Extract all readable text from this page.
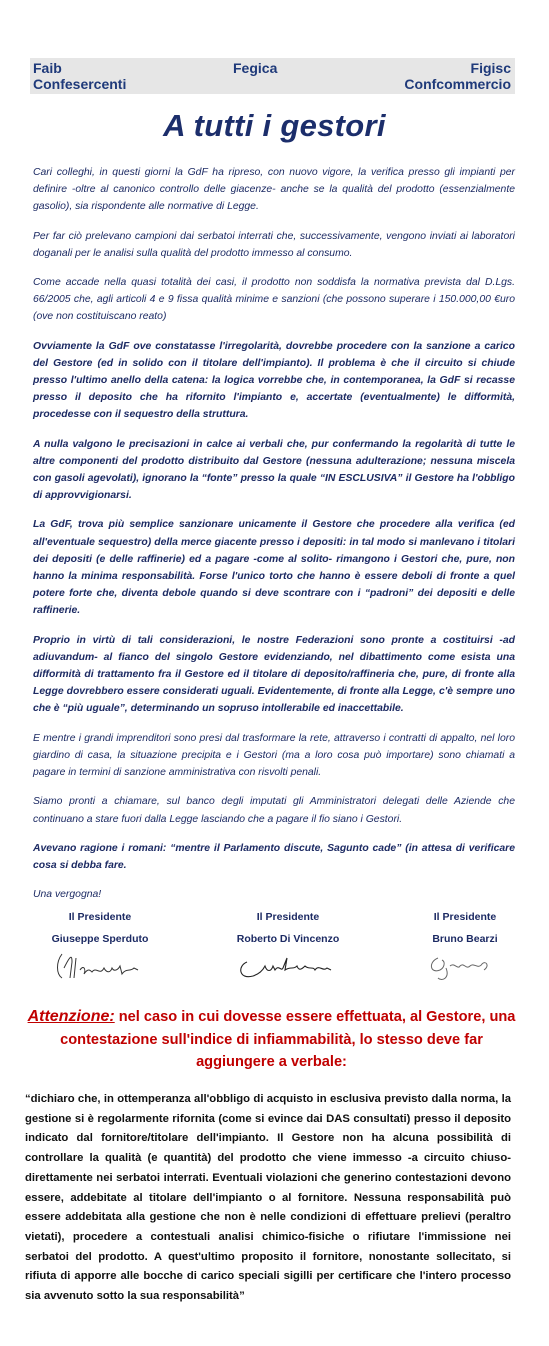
Faib
Confesercenti
Fegica	Figisc
Confcommercio
A tutti i gestori

Cari colleghi, in questi giorni la GdF ha ripreso, con nuovo vigore, la verifica presso gli impianti per definire -oltre al canonico controllo delle giacenze- anche se la qualità del prodotto (essenzialmente gasolio), sia rispondente alle normative di Legge.

Per far ciò prelevano campioni dai serbatoi interrati che, successivamente, vengono inviati ai laboratori doganali per le analisi sulla qualità del prodotto immesso al consumo.

Come accade nella quasi totalità dei casi, il prodotto non soddisfa la normativa prevista dal D.Lgs. 66/2005 che, agli articoli 4 e 9 fissa qualità minime e sanzioni (che possono superare i 150.000,00 €uro (ove non costituiscano reato)

Ovviamente la GdF ove constatasse l'irregolarità, dovrebbe procedere con la sanzione a carico del Gestore (ed in solido con il titolare dell'impianto). Il problema è che il circuito si chiude presso l'ultimo anello della catena: la logica vorrebbe che, in contemporanea, la GdF si recasse presso il deposito che ha rifornito l'impianto e, accertate (eventualmente) le difformità, procedesse con il sequestro della struttura.

A nulla valgono le precisazioni in calce ai verbali che, pur confermando la regolarità di tutte le altre componenti del prodotto distribuito dal Gestore (nessuna adulterazione; nessuna miscela con gasoli agevolati), ignorano la “fonte” presso la quale “IN ESCLUSIVA” il Gestore ha l'obbligo di approvvigionarsi.

La GdF, trova più semplice sanzionare unicamente il Gestore che procedere alla verifica (ed all'eventuale sequestro) della merce giacente presso i depositi: in tal modo si manlevano i titolari dei depositi (e delle raffinerie) ed a pagare -come al solito- rimangono i Gestori che, pure, non hanno la minima responsabilità. Forse l'unico torto che hanno è essere deboli di fronte a quel potere forte che, diventa debole quando si deve scontrare con i “padroni” dei depositi e delle raffinerie.

Proprio in virtù di tali considerazioni, le nostre Federazioni sono pronte a costituirsi -ad adiuvandum- al fianco del singolo Gestore evidenziando, nel dibattimento come esista una difformità di trattamento fra il Gestore ed il titolare di deposito/raffineria che, pure, di fronte alla Legge dovrebbero essere considerati uguali. Evidentemente, di fronte alla Legge, c'è sempre uno che è “più uguale”, determinando un sopruso intollerabile ed inaccettabile.

E mentre i grandi imprenditori sono presi dal trasformare la rete, attraverso i contratti di appalto, nel loro giardino di casa, la situazione precipita e i Gestori (ma a loro cosa può importare) sono chiamati a pagare in termini di sanzione amministrativa con risvolti penali.

Siamo pronti a chiamare, sul banco degli imputati gli Amministratori delegati delle Aziende che continuano a stare fuori dalla Legge lasciando che a pagare il fio siano i Gestori.

Avevano ragione i romani: “mentre il Parlamento discute, Sagunto cade” (in attesa di verificare cosa si debba fare.

Una vergogna!

Il Presidente
Giuseppe Sperduto
Il Presidente
Roberto Di Vincenzo
Il Presidente
Bruno Bearzi
Attenzione: nel caso in cui dovesse essere effettuata, al Gestore, una contestazione sull'indice di infiammabilità, lo stesso deve far aggiungere a verbale:
“dichiaro che, in ottemperanza all'obbligo di acquisto in esclusiva previsto dalla norma, la gestione si è regolarmente rifornita (come si evince dai DAS consultati) presso il deposito indicato dal fornitore/titolare dell'impianto. Il Gestore non ha alcuna possibilità di controllare la qualità (e quantità) del prodotto che viene immesso -a circuito chiuso- direttamente nei serbatoi interrati. Eventuali violazioni che generino contestazioni devono essere, addebitate al titolare dell'impianto o al fornitore. Nessuna responsabilità può essere addebitata alla gestione che non è nelle condizioni di effettuare prelievi (peraltro vietati), procedere a contestuali analisi chimico-fisiche o rifiutare l'immissione nei serbatoi del prodotto. A quest'ultimo proposito il fornitore, nonostante sollecitato, si rifiuta di apporre alle bocche di carico speciali sigilli per certificare che l'intero processo sia avvenuto sotto la sua responsabilità”
